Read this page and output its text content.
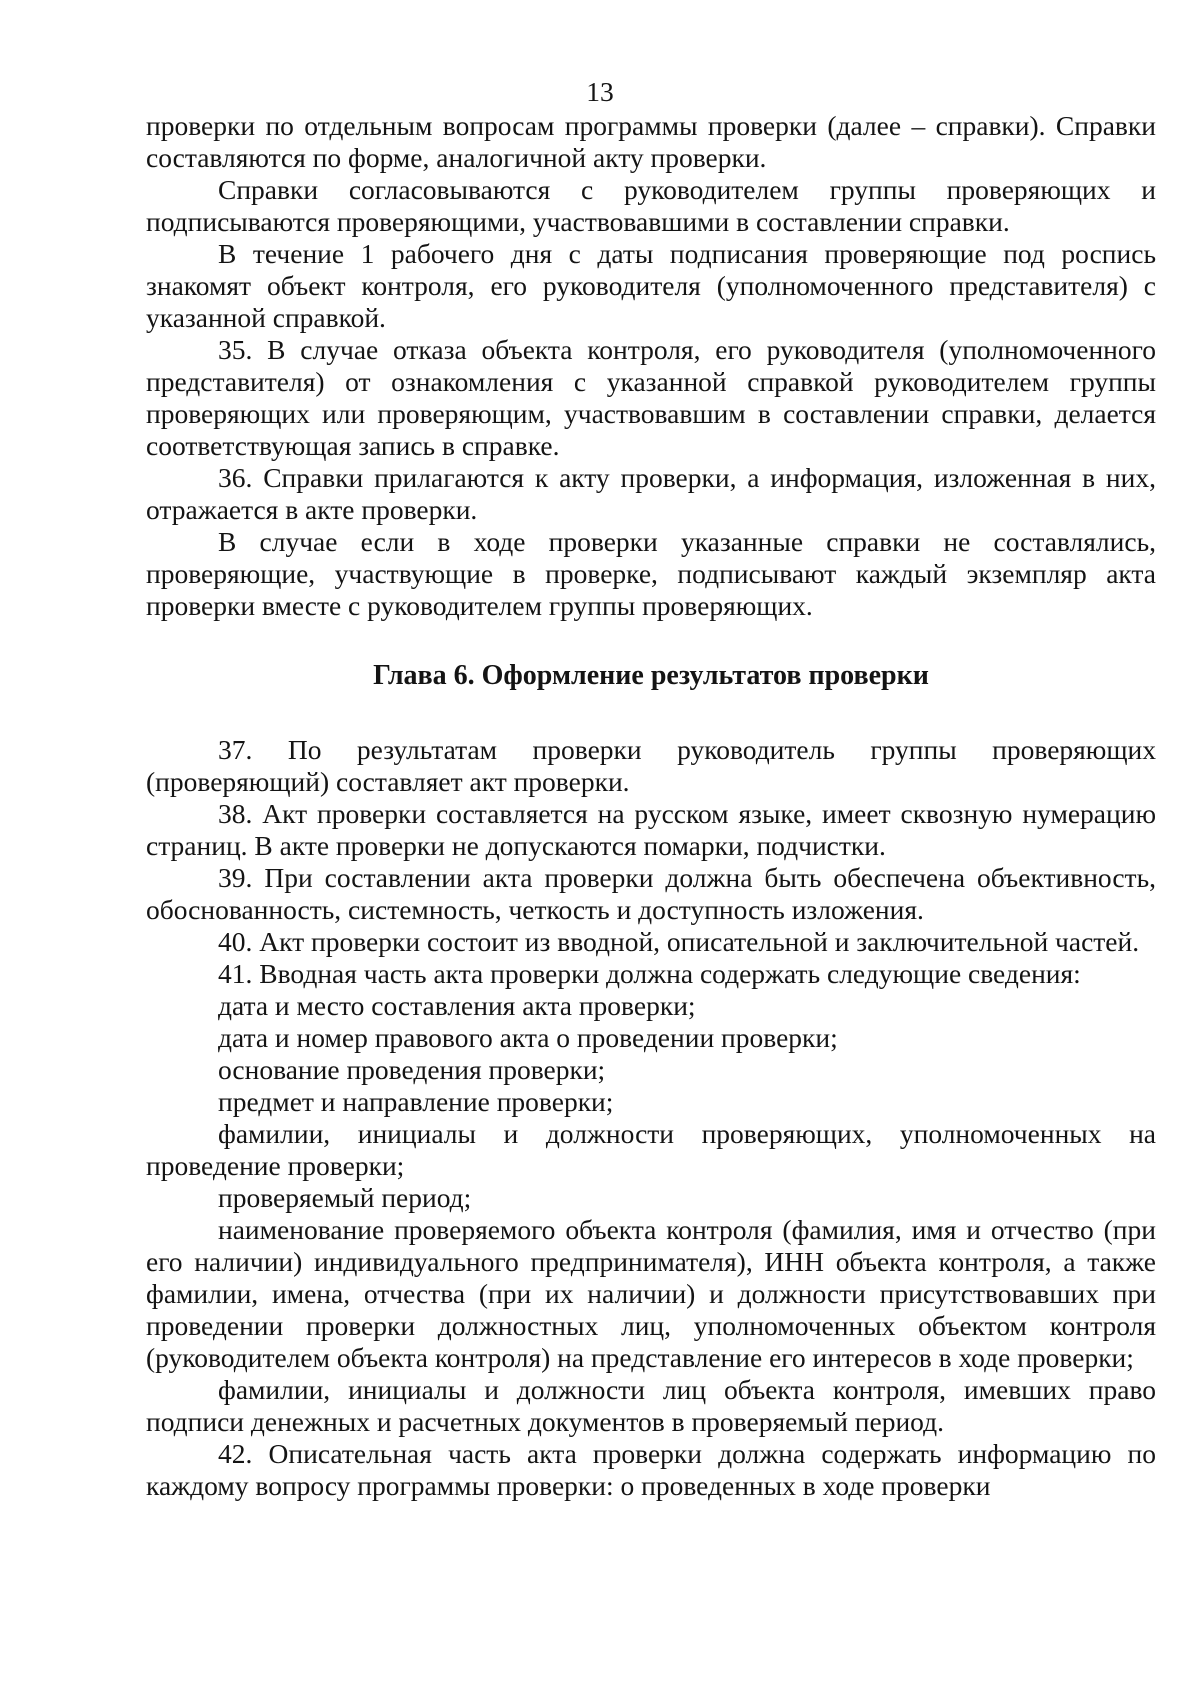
13

проверки по отдельным вопросам программы проверки (далее – справки). Справки составляются по форме, аналогичной акту проверки.

Справки согласовываются с руководителем группы проверяющих и подписываются проверяющими, участвовавшими в составлении справки.

В течение 1 рабочего дня с даты подписания проверяющие под роспись знакомят объект контроля, его руководителя (уполномоченного представителя) с указанной справкой.

35. В случае отказа объекта контроля, его руководителя (уполномоченного представителя) от ознакомления с указанной справкой руководителем группы проверяющих или проверяющим, участвовавшим в составлении справки, делается соответствующая запись в справке.

36. Справки прилагаются к акту проверки, а информация, изложенная в них, отражается в акте проверки.

В случае если в ходе проверки указанные справки не составлялись, проверяющие, участвующие в проверке, подписывают каждый экземпляр акта проверки вместе с руководителем группы проверяющих.

Глава 6. Оформление результатов проверки

37. По результатам проверки руководитель группы проверяющих (проверяющий) составляет акт проверки.

38. Акт проверки составляется на русском языке, имеет сквозную нумерацию страниц. В акте проверки не допускаются помарки, подчистки.

39. При составлении акта проверки должна быть обеспечена объективность, обоснованность, системность, четкость и доступность изложения.

40. Акт проверки состоит из вводной, описательной и заключительной частей.

41. Вводная часть акта проверки должна содержать следующие сведения:

дата и место составления акта проверки;

дата и номер правового акта о проведении проверки;

основание проведения проверки;

предмет и направление проверки;

фамилии, инициалы и должности проверяющих, уполномоченных на проведение проверки;

проверяемый период;

наименование проверяемого объекта контроля (фамилия, имя и отчество (при его наличии) индивидуального предпринимателя), ИНН объекта контроля, а также фамилии, имена, отчества (при их наличии) и должности присутствовавших при проведении проверки должностных лиц, уполномоченных объектом контроля (руководителем объекта контроля) на представление его интересов в ходе проверки;

фамилии, инициалы и должности лиц объекта контроля, имевших право подписи денежных и расчетных документов в проверяемый период.

42. Описательная часть акта проверки должна содержать информацию по каждому вопросу программы проверки: о проведенных в ходе проверки
